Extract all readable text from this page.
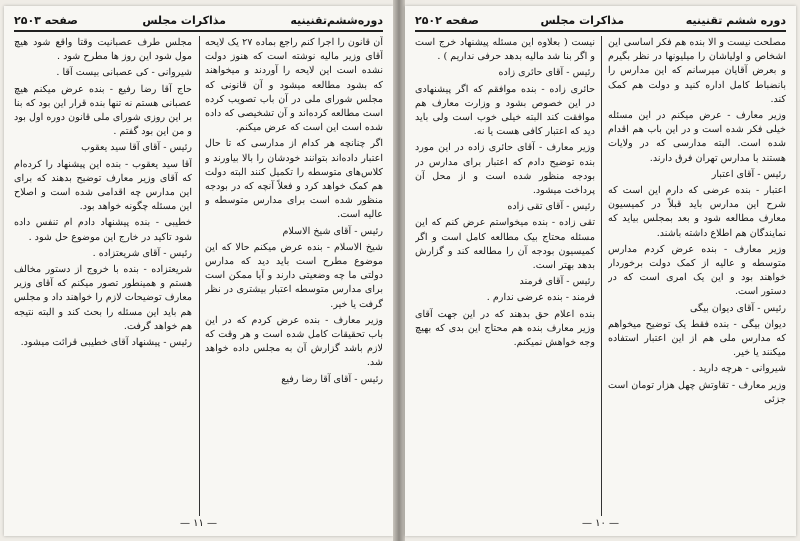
دوره‌ششم‌تقنینیه
مذاکرات مجلس
صفحه ۲۵۰۳

آن قانون را اجرا کنم راجع بماده ۲۷ یک لایحه آقای وزیر مالیه نوشته است که هنوز دولت نشده است این لایحه را آوردند و میخواهند که بشود مطالعه میشود و آن قانونی که مجلس شورای ملی در آن باب تصویب کرده است مطالعه کرده‌اند و آن تشخیصی که داده شده است این است که عرض میکنم.

اگر چنانچه هر کدام از مدارسی که تا حال اعتبار داده‌اند بتوانند خودشان را بالا بیاورند و کلاس‌های متوسطه را تکمیل کنند البته دولت هم کمک خواهد کرد و فعلاً آنچه که در بودجه منظور شده است برای مدارس متوسطه و عالیه است.

رئیس - آقای شیخ الاسلام

شیخ الاسلام - بنده عرض میکنم حالا که این موضوع مطرح است باید دید که مدارس دولتی ما چه وضعیتی دارند و آیا ممکن است برای مدارس متوسطه اعتبار بیشتری در نظر گرفت یا خیر.

وزیر معارف - بنده عرض کردم که در این باب تحقیقات کامل شده است و هر وقت که لازم باشد گزارش آن به مجلس داده خواهد شد.

رئیس - آقای آقا رضا رفیع

مجلس طرف عصبانیت وقتا واقع شود هیچ مول شود این روز ها مطرح شود .

شیروانی - کی عصبانی بیست آقا .

حاج آقا رضا رفیع - بنده عرض میکنم هیچ عصبانی هستم نه تنها بنده قرار این بود که بنا بر این روزی شورای ملی قانون دوره اول بود و من این بود گفتم .

رئیس - آقای آقا سید یعقوب

آقا سید یعقوب - بنده این پیشنهاد را کرده‌ام که آقای وزیر معارف توضیح بدهند که برای این مدارس چه اقدامی شده است و اصلاح این مسئله چگونه خواهد بود.

خطیبی - بنده پیشنهاد دادم ام تنفس داده شود تاکید در خارج این موضوع حل شود .

رئیس - آقای شریعتزاده .

شریعتزاده - بنده با خروج از دستور مخالف هستم و همینطور تصور میکنم که آقای وزیر معارف توضیحات لازم را خواهند داد و مجلس هم باید این مسئله را بحث کند و البته نتیجه هم خواهد گرفت.

رئیس - پیشنهاد آقای خطیبی قرائت میشود.

— ۱۱ —
دوره ششم تقنینیه
مذاکرات مجلس
صفحه ۲۵۰۲

مصلحت نیست و الا بنده هم فکر اساسی این اشخاص و اولیاشان را میلیونها در نظر بگیرم و بعرض آقایان میرسانم که این مدارس را بانضباط کامل اداره کنید و دولت هم کمک کند.

وزیر معارف - عرض میکنم در این مسئله خیلی فکر شده است و در این باب هم اقدام شده است. البته مدارسی که در ولایات هستند با مدارس تهران فرق دارند.

رئیس - آقای اعتبار

اعتبار - بنده عرضی که دارم این است که شرح این مدارس باید قبلاً در کمیسیون معارف مطالعه شود و بعد بمجلس بیاید که نمایندگان هم اطلاع داشته باشند.

وزیر معارف - بنده عرض کردم مدارس متوسطه و عالیه از کمک دولت برخوردار خواهند بود و این یک امری است که در دستور است.

رئیس - آقای دیوان بیگی

دیوان بیگی - بنده فقط یک توضیح میخواهم که مدارس ملی هم از این اعتبار استفاده میکنند یا خیر.

شیروانی - هرچه دارید .

وزیر معارف - تقاوتش چهل هزار تومان است جزئی

نیست ( بعلاوه این مسئله پیشنهاد خرج است و اگر بنا شد مالیه بدهد حرفی نداریم ) .

رئیس - آقای حائری زاده

حائری زاده - بنده موافقم که اگر پیشنهادی در این خصوص بشود و وزارت معارف هم موافقت کند البته خیلی خوب است ولی باید دید که اعتبار کافی هست یا نه.

وزیر معارف - آقای حائری زاده در این مورد بنده توضیح دادم که اعتبار برای مدارس در بودجه منظور شده است و از محل آن پرداخت میشود.

رئیس - آقای تقی زاده

تقی زاده - بنده میخواستم عرض کنم که این مسئله محتاج بیک مطالعه کامل است و اگر کمیسیون بودجه آن را مطالعه کند و گزارش بدهد بهتر است.

رئیس - آقای فرمند

فرمند - بنده عرضی ندارم .

بنده اعلام حق بدهند که در این جهت آقای وزیر معارف بنده هم محتاج این بدی که بهیچ وجه خواهش نمیکنم.

— ۱۰ —
